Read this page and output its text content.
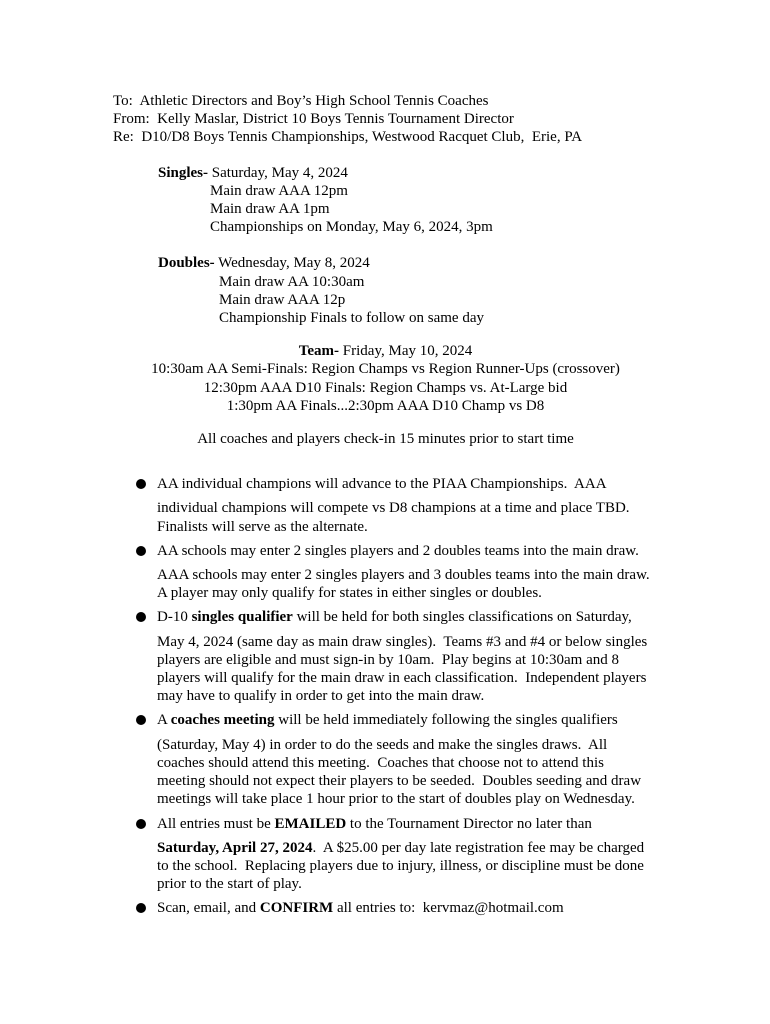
To:  Athletic Directors and Boy’s High School Tennis Coaches
From:  Kelly Maslar, District 10 Boys Tennis Tournament Director
Re:  D10/D8 Boys Tennis Championships, Westwood Racquet Club,  Erie, PA
Singles- Saturday, May 4, 2024
Main draw AAA 12pm
Main draw AA 1pm
Championships on Monday, May 6, 2024, 3pm
Doubles- Wednesday, May 8, 2024
Main draw AA 10:30am
Main draw AAA 12p
Championship Finals to follow on same day
Team- Friday, May 10, 2024
10:30am AA Semi-Finals: Region Champs vs Region Runner-Ups (crossover)
12:30pm AAA D10 Finals: Region Champs vs. At-Large bid
1:30pm AA Finals...2:30pm AAA D10 Champ vs D8
All coaches and players check-in 15 minutes prior to start time
AA individual champions will advance to the PIAA Championships.  AAA
individual champions will compete vs D8 champions at a time and place TBD.
Finalists will serve as the alternate.
AA schools may enter 2 singles players and 2 doubles teams into the main draw.
AAA schools may enter 2 singles players and 3 doubles teams into the main draw.
A player may only qualify for states in either singles or doubles.
D-10 singles qualifier will be held for both singles classifications on Saturday,
May 4, 2024 (same day as main draw singles).  Teams #3 and #4 or below singles
players are eligible and must sign-in by 10am.  Play begins at 10:30am and 8
players will qualify for the main draw in each classification.  Independent players
may have to qualify in order to get into the main draw.
A coaches meeting will be held immediately following the singles qualifiers
(Saturday, May 4) in order to do the seeds and make the singles draws.  All
coaches should attend this meeting.  Coaches that choose not to attend this
meeting should not expect their players to be seeded.  Doubles seeding and draw
meetings will take place 1 hour prior to the start of doubles play on Wednesday.
All entries must be EMAILED to the Tournament Director no later than
Saturday, April 27, 2024.  A $25.00 per day late registration fee may be charged
to the school.  Replacing players due to injury, illness, or discipline must be done
prior to the start of play.
Scan, email, and CONFIRM all entries to:  kervmaz@hotmail.com
